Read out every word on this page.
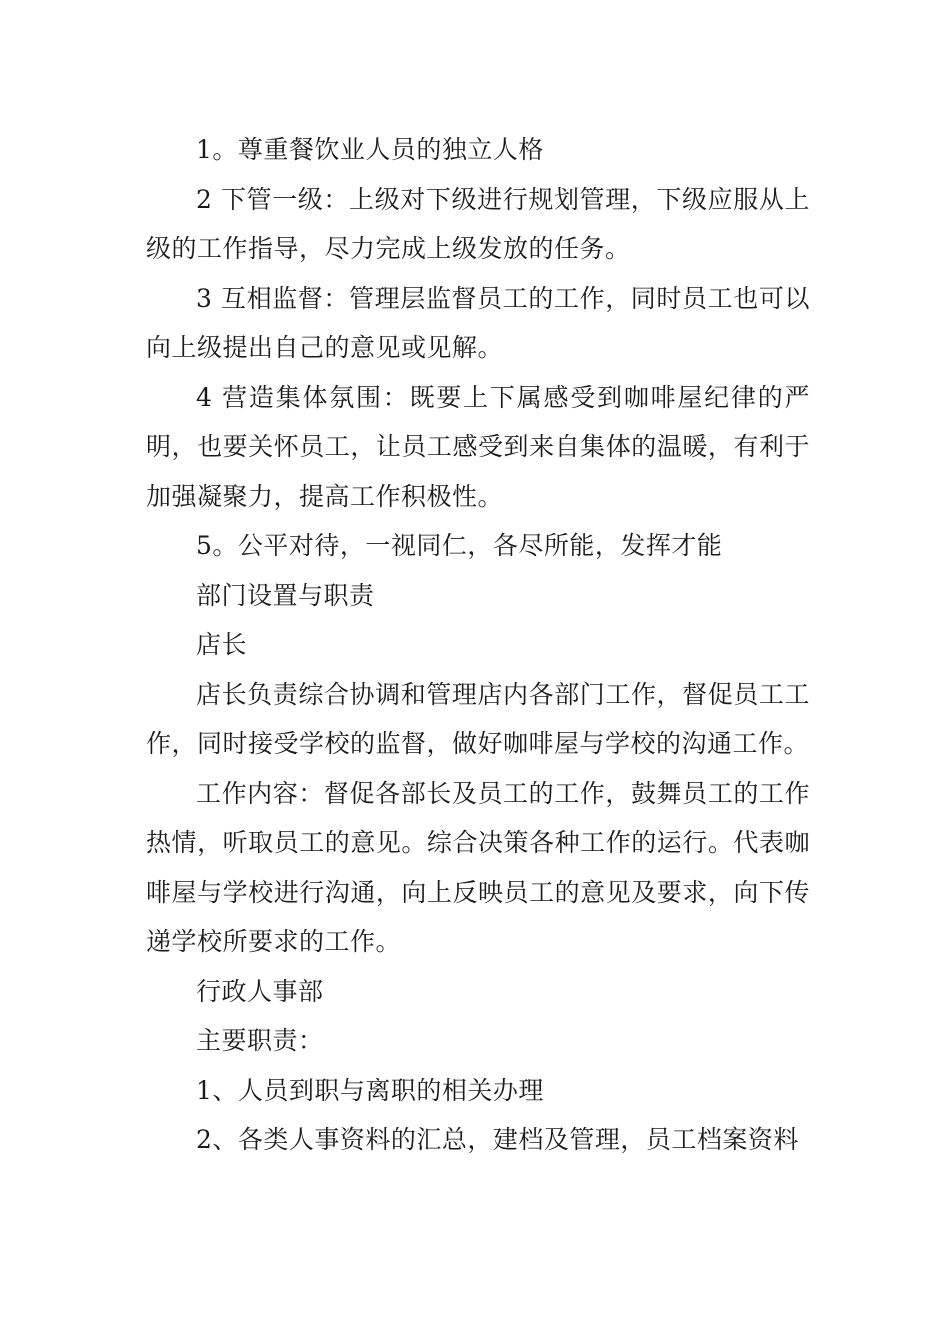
1。尊重餐饮业人员的独立人格

2 下管一级：上级对下级进行规划管理，下级应服从上级的工作指导，尽力完成上级发放的任务。

3 互相监督：管理层监督员工的工作，同时员工也可以向上级提出自己的意见或见解。

4 营造集体氛围：既要上下属感受到咖啡屋纪律的严明，也要关怀员工，让员工感受到来自集体的温暖，有利于加强凝聚力，提高工作积极性。

5。公平对待，一视同仁，各尽所能，发挥才能

部门设置与职责

店长

店长负责综合协调和管理店内各部门工作，督促员工工作，同时接受学校的监督，做好咖啡屋与学校的沟通工作。

工作内容：督促各部长及员工的工作，鼓舞员工的工作热情，听取员工的意见。综合决策各种工作的运行。代表咖啡屋与学校进行沟通，向上反映员工的意见及要求，向下传递学校所要求的工作。

行政人事部

主要职责：

1、人员到职与离职的相关办理

2、各类人事资料的汇总，建档及管理，员工档案资料
